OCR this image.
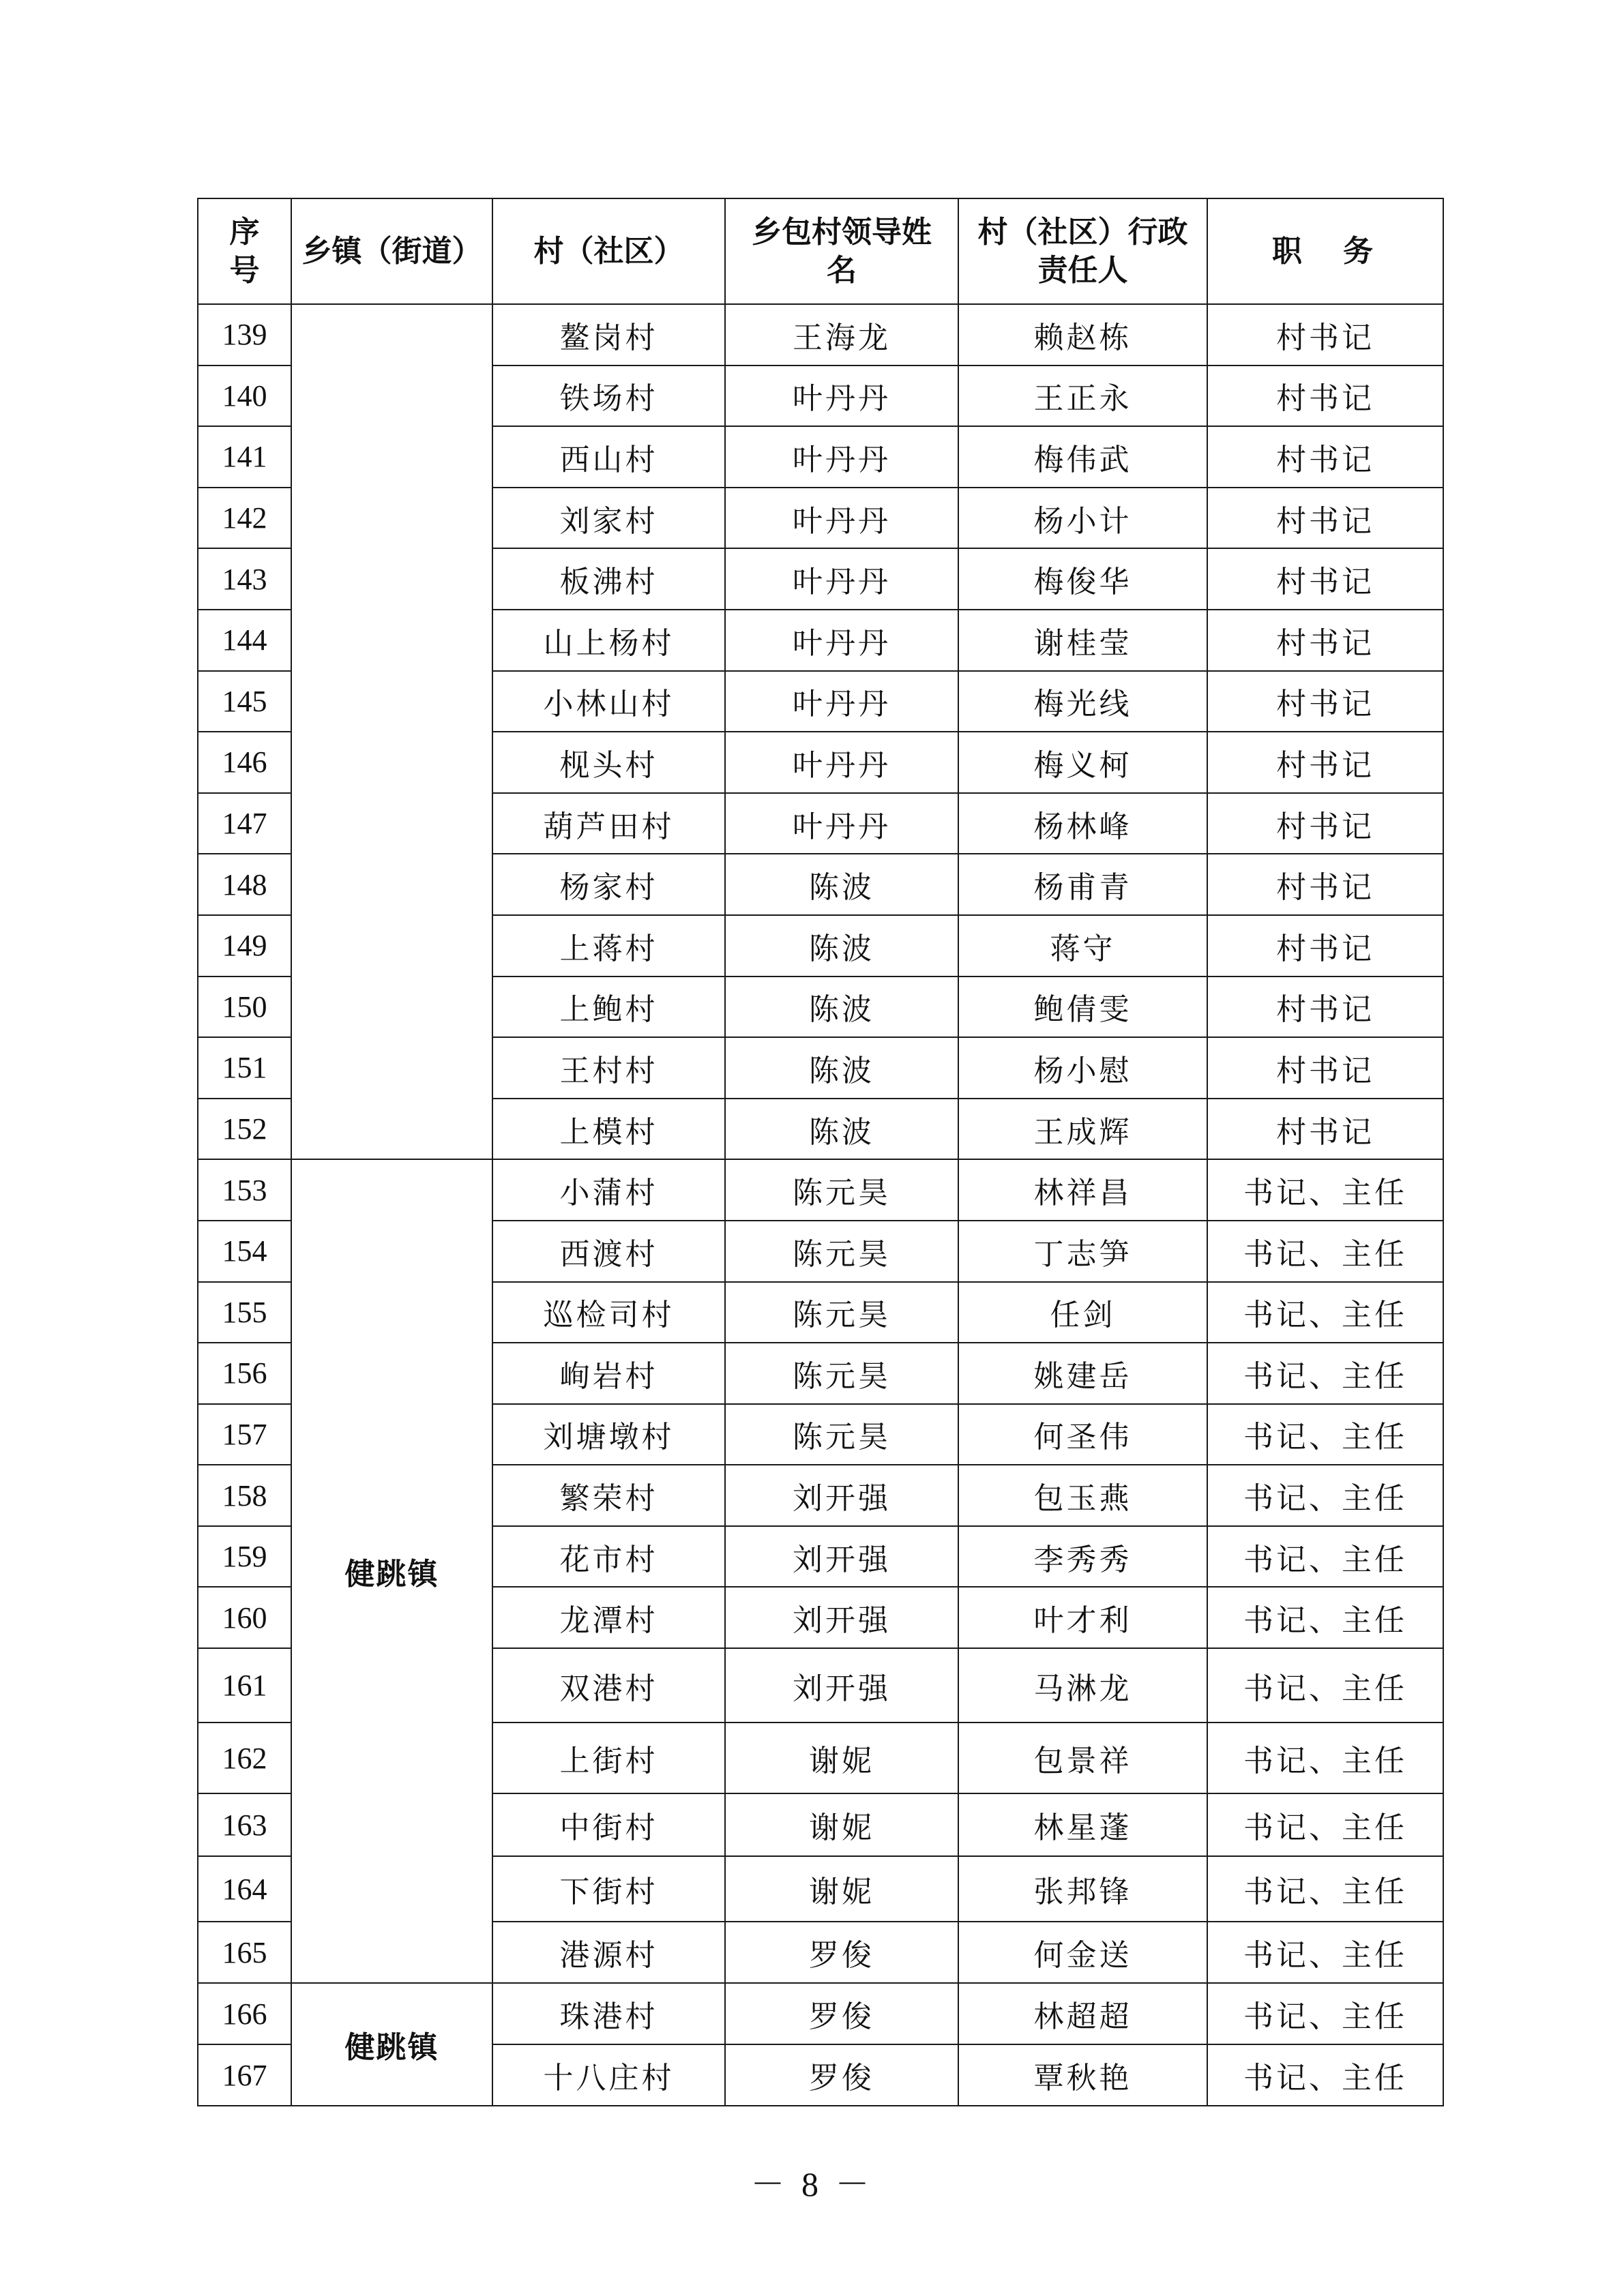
序号	乡镇（街道）	村（社区）	乡包村领导姓名	村（社区）行政责任人	职　务
139		鳌岗村	王海龙	赖赵栋	村书记
140		铁场村	叶丹丹	王正永	村书记
141		西山村	叶丹丹	梅伟武	村书记
142		刘家村	叶丹丹	杨小计	村书记
143		板沸村	叶丹丹	梅俊华	村书记
144		山上杨村	叶丹丹	谢桂莹	村书记
145		小林山村	叶丹丹	梅光线	村书记
146		枧头村	叶丹丹	梅义柯	村书记
147		葫芦田村	叶丹丹	杨林峰	村书记
148		杨家村	陈波	杨甫青	村书记
149		上蒋村	陈波	蒋守	村书记
150		上鲍村	陈波	鲍倩雯	村书记
151		王村村	陈波	杨小慰	村书记
152		上模村	陈波	王成辉	村书记
153	健跳镇	小蒲村	陈元昊	林祥昌	书记、主任
154		西渡村	陈元昊	丁志笋	书记、主任
155		巡检司村	陈元昊	任剑	书记、主任
156		峋岩村	陈元昊	姚建岳	书记、主任
157		刘塘墩村	陈元昊	何圣伟	书记、主任
158		繁荣村	刘开强	包玉燕	书记、主任
159		花市村	刘开强	李秀秀	书记、主任
160		龙潭村	刘开强	叶才利	书记、主任
161		双港村	刘开强	马淋龙	书记、主任
162		上街村	谢妮	包景祥	书记、主任
163		中街村	谢妮	林星蓬	书记、主任
164		下街村	谢妮	张邦锋	书记、主任
165		港源村	罗俊	何金送	书记、主任
166	健跳镇	珠港村	罗俊	林超超	书记、主任
167		十八庄村	罗俊	覃秋艳	书记、主任
－ 8 －
